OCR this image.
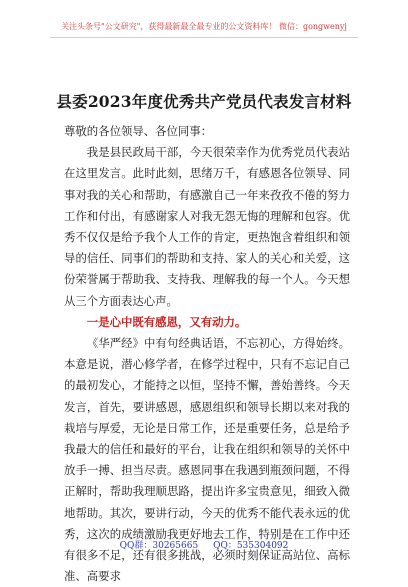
关注头条号"公文研究"，获得最新最全最专业的公文资料库！ 微信：gongwenyj
县委2023年度优秀共产党员代表发言材料

尊敬的各位领导、各位同事：

我是县民政局干部，今天很荣幸作为优秀党员代表站在这里发言。此时此刻，思绪万千，有感恩各位领导、同事对我的关心和帮助，有感激自己一年来孜孜不倦的努力工作和付出，有感谢家人对我无怨无悔的理解和包容。优秀不仅仅是给予我个人工作的肯定，更热饱含着组织和领导的信任、同事们的帮助和支持、家人的关心和关爱，这份荣誉属于帮助我、支持我、理解我的每一个人。今天想从三个方面表达心声。

一是心中既有感恩，又有动力。

《华严经》中有句经典话语，不忘初心，方得始终。本意是说，潜心修学者，在修学过程中，只有不忘记自己的最初发心，才能持之以恒，坚持不懈，善始善终。今天发言，首先，要讲感恩，感恩组织和领导长期以来对我的栽培与厚爱，无论是日常工作，还是重要任务，总是给予我最大的信任和最好的平台，让我在组织和领导的关怀中放手一搏、担当尽责。感恩同事在我遇到瓶颈问题，不得正解时，帮助我理顺思路，提出许多宝贵意见，细致入微地帮助。其次，要讲行动，今天的优秀不能代表永远的优秀，这次的成绩激励我更好地去工作，特别是在工作中还有很多不足，还有很多挑战，必须时刻保证高站位、高标准、高要求

QQ群：30265665 QQ：535304092
